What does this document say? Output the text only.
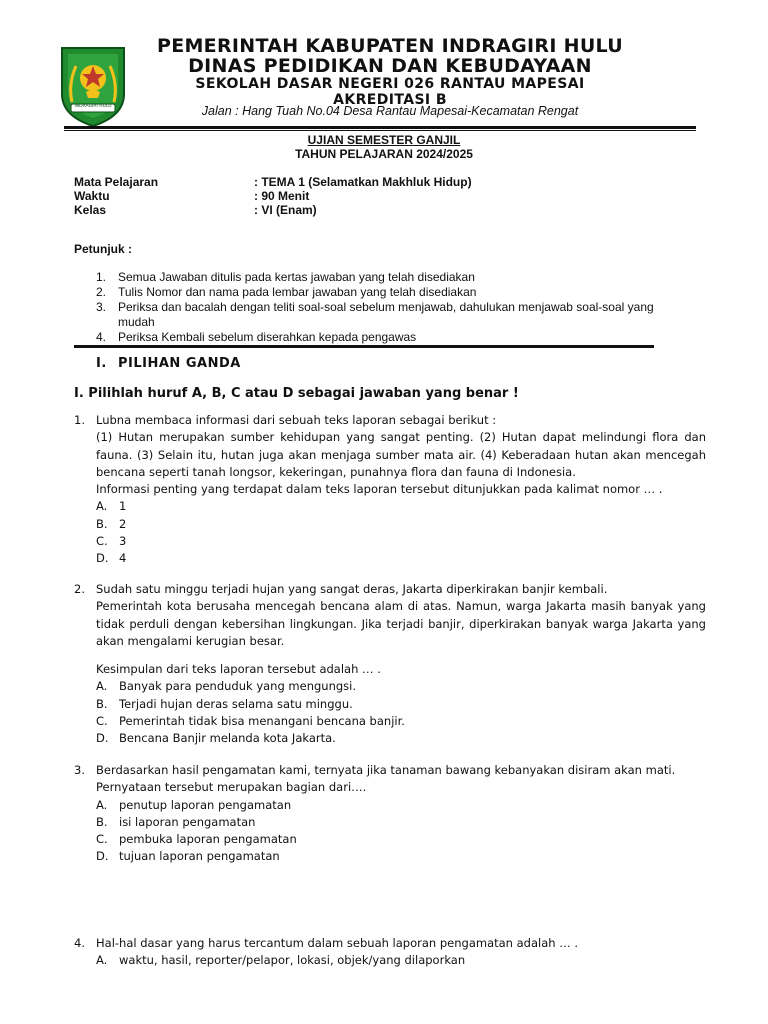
INDRAGIRI HULU
PEMERINTAH KABUPATEN INDRAGIRI HULU
DINAS PEDIDIKAN DAN KEBUDAYAAN
SEKOLAH DASAR NEGERI 026 RANTAU MAPESAI
AKREDITASI B
Jalan : Hang Tuah No.04 Desa Rantau Mapesai-Kecamatan Rengat
UJIAN SEMESTER GANJIL
TAHUN PELAJARAN 2024/2025
Mata Pelajaran	: TEMA 1 (Selamatkan Makhluk Hidup)
Waktu	: 90 Menit
Kelas	: VI (Enam)
Petunjuk :
1. Semua Jawaban ditulis pada kertas jawaban yang telah disediakan
2. Tulis Nomor dan nama pada lembar jawaban yang telah disediakan
3. Periksa dan bacalah dengan teliti soal-soal sebelum menjawab, dahulukan menjawab soal-soal yang mudah
4. Periksa Kembali sebelum diserahkan kepada pengawas
I. PILIHAN GANDA
I. Pilihlah huruf A, B, C atau D sebagai jawaban yang benar !
1. Lubna membaca informasi dari sebuah teks laporan sebagai berikut :
(1) Hutan merupakan sumber kehidupan yang sangat penting. (2) Hutan dapat melindungi flora dan fauna. (3) Selain itu, hutan juga akan menjaga sumber mata air. (4) Keberadaan hutan akan mencegah bencana seperti tanah longsor, kekeringan, punahnya flora dan fauna di Indonesia.
Informasi penting yang terdapat dalam teks laporan tersebut ditunjukkan pada kalimat nomor … .
A.	1
B. 2
C. 3
D. 4
2. Sudah satu minggu terjadi hujan yang sangat deras, Jakarta diperkirakan banjir kembali.
Pemerintah kota berusaha mencegah bencana alam di atas. Namun, warga Jakarta masih banyak yang tidak perduli dengan kebersihan lingkungan. Jika terjadi banjir, diperkirakan banyak warga Jakarta yang akan mengalami kerugian besar.
Kesimpulan dari teks laporan tersebut adalah … .
A.	Banyak para penduduk yang mengungsi.
B. Terjadi hujan deras selama satu minggu.
C. Pemerintah tidak bisa menangani bencana banjir.
D. Bencana Banjir melanda kota Jakarta.
3. Berdasarkan hasil pengamatan kami, ternyata jika tanaman bawang kebanyakan disiram akan mati. Pernyataan tersebut merupakan bagian dari….
A.	penutup laporan pengamatan
B. isi laporan pengamatan
C. pembuka laporan pengamatan
D. tujuan laporan pengamatan
4. Hal-hal dasar yang harus tercantum dalam sebuah laporan pengamatan adalah … .
A.	waktu, hasil, reporter/pelapor, lokasi, objek/yang dilaporkan
